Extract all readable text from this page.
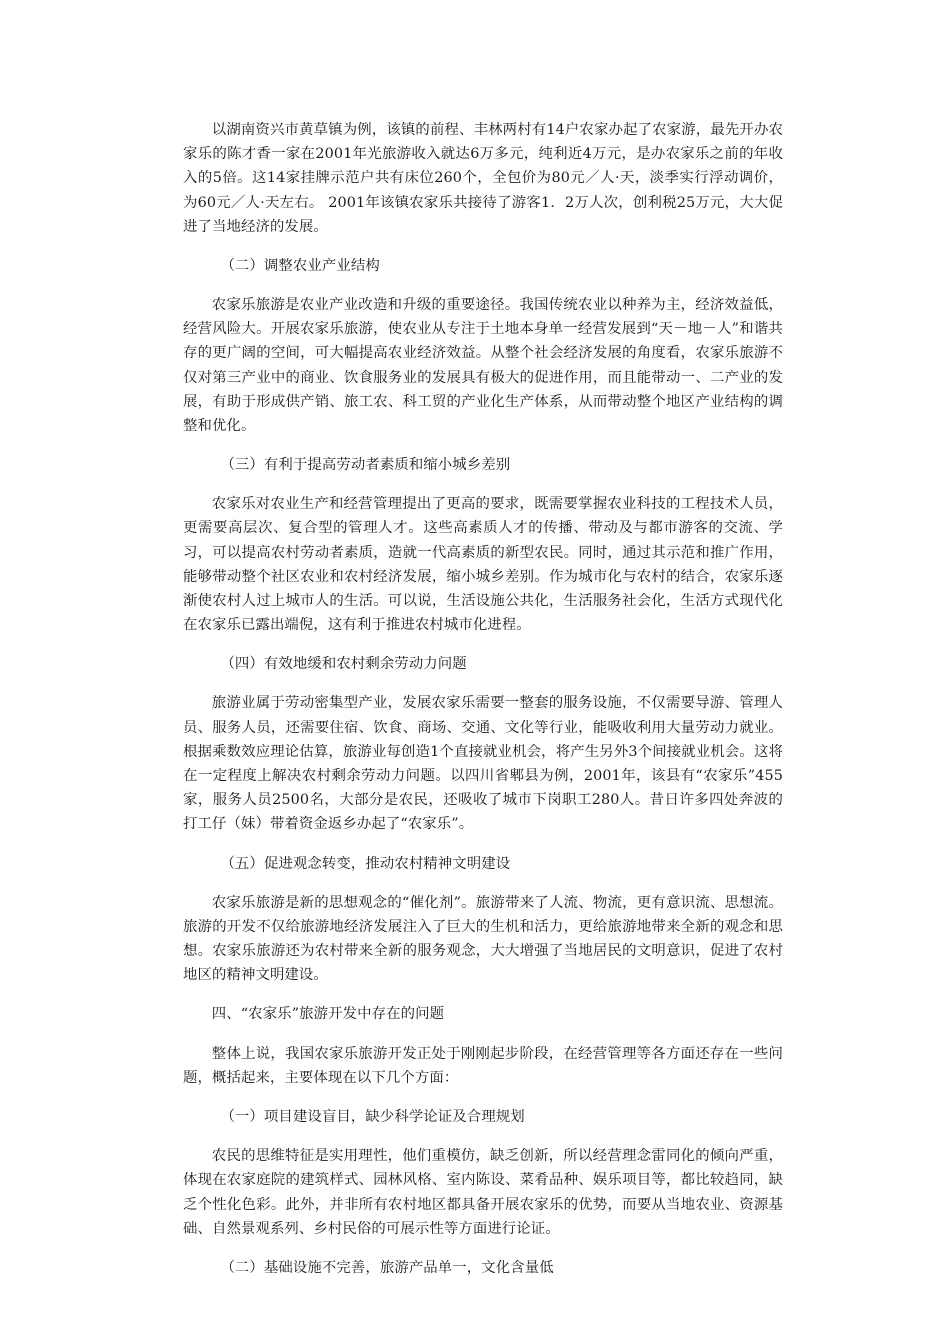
以湖南资兴市黄草镇为例，该镇的前程、丰林两村有14户农家办起了农家游，最先开办农家乐的陈才香一家在2001年光旅游收入就达6万多元，纯利近4万元，是办农家乐之前的年收入的5倍。这14家挂牌示范户共有床位260个，全包价为80元／人·天，淡季实行浮动调价，为60元／人·天左右。 2001年该镇农家乐共接待了游客1．2万人次，创利税25万元，大大促进了当地经济的发展。

（二）调整农业产业结构

农家乐旅游是农业产业改造和升级的重要途径。我国传统农业以种养为主，经济效益低，经营风险大。开展农家乐旅游，使农业从专注于土地本身单一经营发展到“天－地－人”和谐共存的更广阔的空间，可大幅提高农业经济效益。从整个社会经济发展的角度看，农家乐旅游不仅对第三产业中的商业、饮食服务业的发展具有极大的促进作用，而且能带动一、二产业的发展，有助于形成供产销、旅工农、科工贸的产业化生产体系，从而带动整个地区产业结构的调整和优化。

（三）有利于提高劳动者素质和缩小城乡差别

农家乐对农业生产和经营管理提出了更高的要求，既需要掌握农业科技的工程技术人员，更需要高层次、复合型的管理人才。这些高素质人才的传播、带动及与都市游客的交流、学习，可以提高农村劳动者素质，造就一代高素质的新型农民。同时，通过其示范和推广作用，能够带动整个社区农业和农村经济发展，缩小城乡差别。作为城市化与农村的结合，农家乐逐渐使农村人过上城市人的生活。可以说，生活设施公共化，生活服务社会化，生活方式现代化在农家乐已露出端倪，这有利于推进农村城市化进程。

（四）有效地缓和农村剩余劳动力问题

旅游业属于劳动密集型产业，发展农家乐需要一整套的服务设施，不仅需要导游、管理人员、服务人员，还需要住宿、饮食、商场、交通、文化等行业，能吸收利用大量劳动力就业。根据乘数效应理论估算，旅游业每创造1个直接就业机会，将产生另外3个间接就业机会。这将在一定程度上解决农村剩余劳动力问题。以四川省郫县为例，2001年，该县有“农家乐”455家，服务人员2500名，大部分是农民，还吸收了城市下岗职工280人。昔日许多四处奔波的打工仔（妹）带着资金返乡办起了“农家乐”。

（五）促进观念转变，推动农村精神文明建设

农家乐旅游是新的思想观念的“催化剂”。旅游带来了人流、物流，更有意识流、思想流。旅游的开发不仅给旅游地经济发展注入了巨大的生机和活力，更给旅游地带来全新的观念和思想。农家乐旅游还为农村带来全新的服务观念，大大增强了当地居民的文明意识，促进了农村地区的精神文明建设。

四、“农家乐”旅游开发中存在的问题

整体上说，我国农家乐旅游开发正处于刚刚起步阶段，在经营管理等各方面还存在一些问题，概括起来，主要体现在以下几个方面：

（一）项目建设盲目，缺少科学论证及合理规划

农民的思维特征是实用理性，他们重模仿，缺乏创新，所以经营理念雷同化的倾向严重，体现在农家庭院的建筑样式、园林风格、室内陈设、菜肴品种、娱乐项目等，都比较趋同，缺乏个性化色彩。此外，并非所有农村地区都具备开展农家乐的优势，而要从当地农业、资源基础、自然景观系列、乡村民俗的可展示性等方面进行论证。

（二）基础设施不完善，旅游产品单一，文化含量低
